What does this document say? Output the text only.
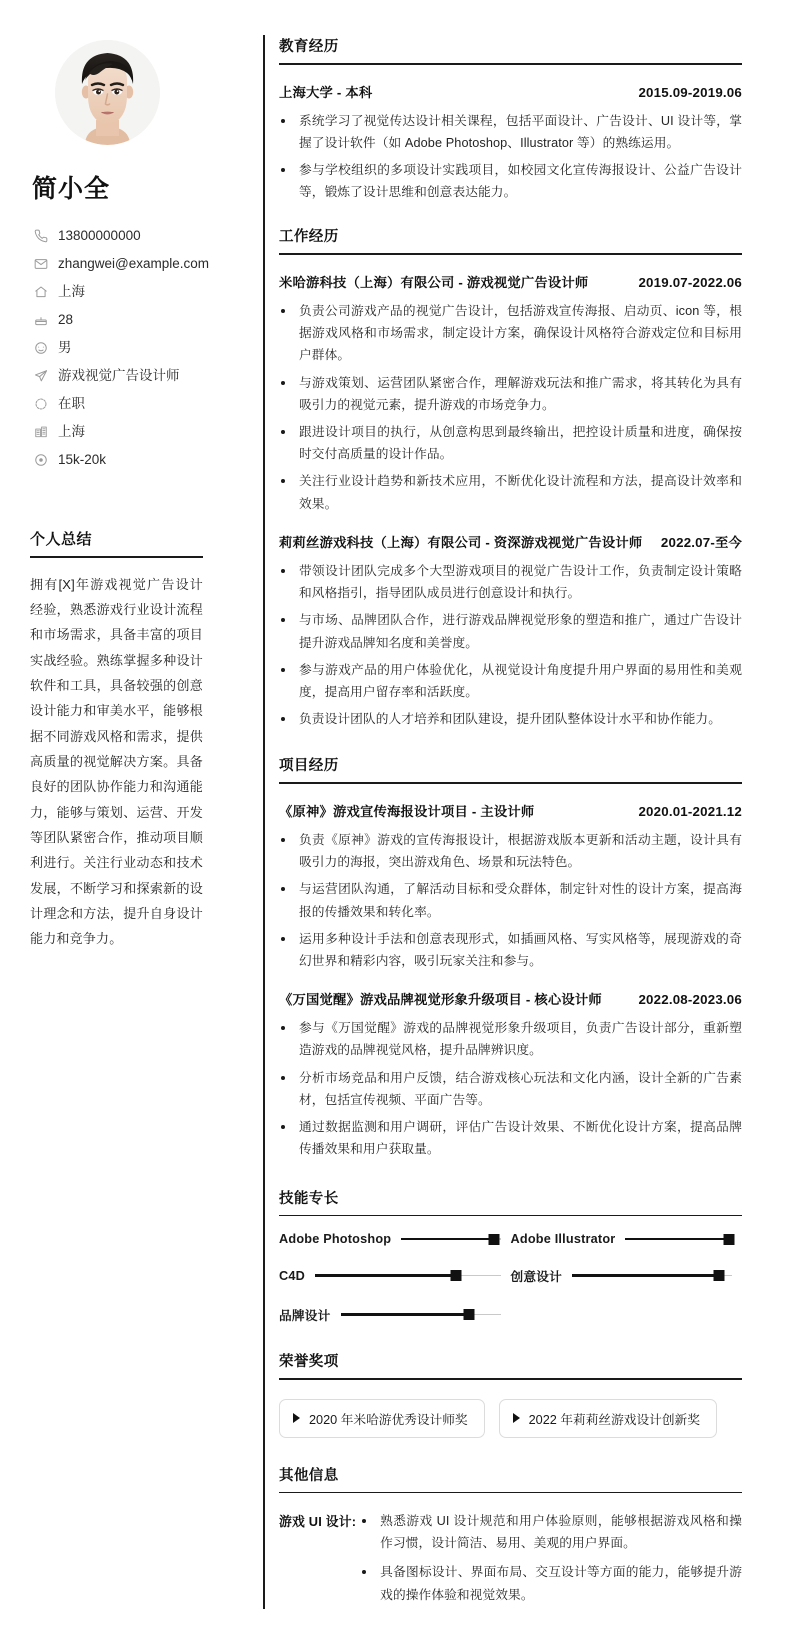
简小全
13800000000
zhangwei@example.com
上海
28
男
游戏视觉广告设计师
在职
上海
15k-20k
个人总结

拥有[X]年游戏视觉广告设计经验，熟悉游戏行业设计流程和市场需求，具备丰富的项目实战经验。熟练掌握多种设计软件和工具，具备较强的创意设计能力和审美水平，能够根据不同游戏风格和需求，提供高质量的视觉解决方案。具备良好的团队协作能力和沟通能力，能够与策划、运营、开发等团队紧密合作，推动项目顺利进行。关注行业动态和技术发展，不断学习和探索新的设计理念和方法，提升自身设计能力和竞争力。

教育经历
上海大学 - 本科	2015.09-2019.06
系统学习了视觉传达设计相关课程，包括平面设计、广告设计、UI 设计等，掌握了设计软件（如 Adobe Photoshop、Illustrator 等）的熟练运用。
参与学校组织的多项设计实践项目，如校园文化宣传海报设计、公益广告设计等，锻炼了设计思维和创意表达能力。
工作经历
米哈游科技（上海）有限公司 - 游戏视觉广告设计师	2019.07-2022.06
负责公司游戏产品的视觉广告设计，包括游戏宣传海报、启动页、icon 等，根据游戏风格和市场需求，制定设计方案，确保设计风格符合游戏定位和目标用户群体。
与游戏策划、运营团队紧密合作，理解游戏玩法和推广需求，将其转化为具有吸引力的视觉元素，提升游戏的市场竞争力。
跟进设计项目的执行，从创意构思到最终输出，把控设计质量和进度，确保按时交付高质量的设计作品。
关注行业设计趋势和新技术应用，不断优化设计流程和方法，提高设计效率和效果。
莉莉丝游戏科技（上海）有限公司 - 资深游戏视觉广告设计师 2022.07-至今
带领设计团队完成多个大型游戏项目的视觉广告设计工作，负责制定设计策略和风格指引，指导团队成员进行创意设计和执行。
与市场、品牌团队合作，进行游戏品牌视觉形象的塑造和推广，通过广告设计提升游戏品牌知名度和美誉度。
参与游戏产品的用户体验优化，从视觉设计角度提升用户界面的易用性和美观度，提高用户留存率和活跃度。
负责设计团队的人才培养和团队建设，提升团队整体设计水平和协作能力。
项目经历
《原神》游戏宣传海报设计项目 - 主设计师	2020.01-2021.12
负责《原神》游戏的宣传海报设计，根据游戏版本更新和活动主题，设计具有吸引力的海报，突出游戏角色、场景和玩法特色。
与运营团队沟通，了解活动目标和受众群体，制定针对性的设计方案，提高海报的传播效果和转化率。
运用多种设计手法和创意表现形式，如插画风格、写实风格等，展现游戏的奇幻世界和精彩内容，吸引玩家关注和参与。
《万国觉醒》游戏品牌视觉形象升级项目 - 核心设计师	2022.08-2023.06
参与《万国觉醒》游戏的品牌视觉形象升级项目，负责广告设计部分，重新塑造游戏的品牌视觉风格，提升品牌辨识度。
分析市场竞品和用户反馈，结合游戏核心玩法和文化内涵，设计全新的广告素材，包括宣传视频、平面广告等。
通过数据监测和用户调研，评估广告设计效果、不断优化设计方案，提高品牌传播效果和用户获取量。
技能专长
Adobe Photoshop	Adobe Illustrator
C4D	创意设计
品牌设计
荣誉奖项
2020 年米哈游优秀设计师奖	2022 年莉莉丝游戏设计创新奖
其他信息
游戏 UI 设计:	熟悉游戏 UI 设计规范和用户体验原则，能够根据游戏风格和操作习惯，设计简洁、易用、美观的用户界面。
具备图标设计、界面布局、交互设计等方面的能力，能够提升游戏的操作体验和视觉效果。
